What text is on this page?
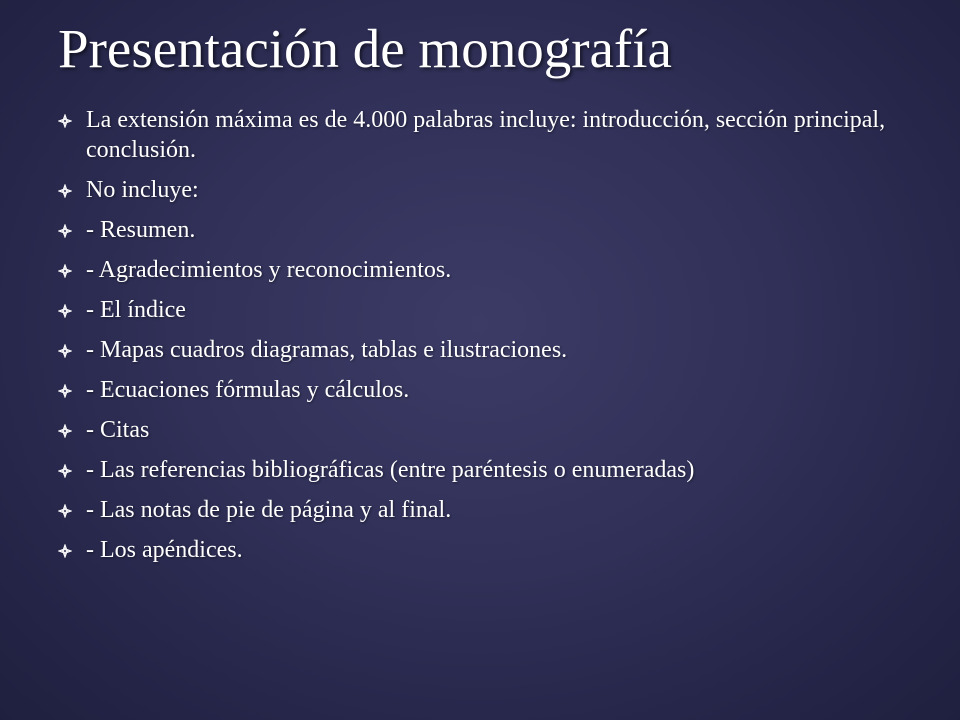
Presentación de monografía
La extensión máxima es de 4.000 palabras incluye: introducción, sección principal, conclusión.
No incluye:
- Resumen.
- Agradecimientos y reconocimientos.
- El índice
- Mapas cuadros diagramas, tablas e ilustraciones.
- Ecuaciones fórmulas y cálculos.
- Citas
- Las referencias bibliográficas (entre paréntesis o enumeradas)
- Las notas de pie de página y al final.
- Los apéndices.
